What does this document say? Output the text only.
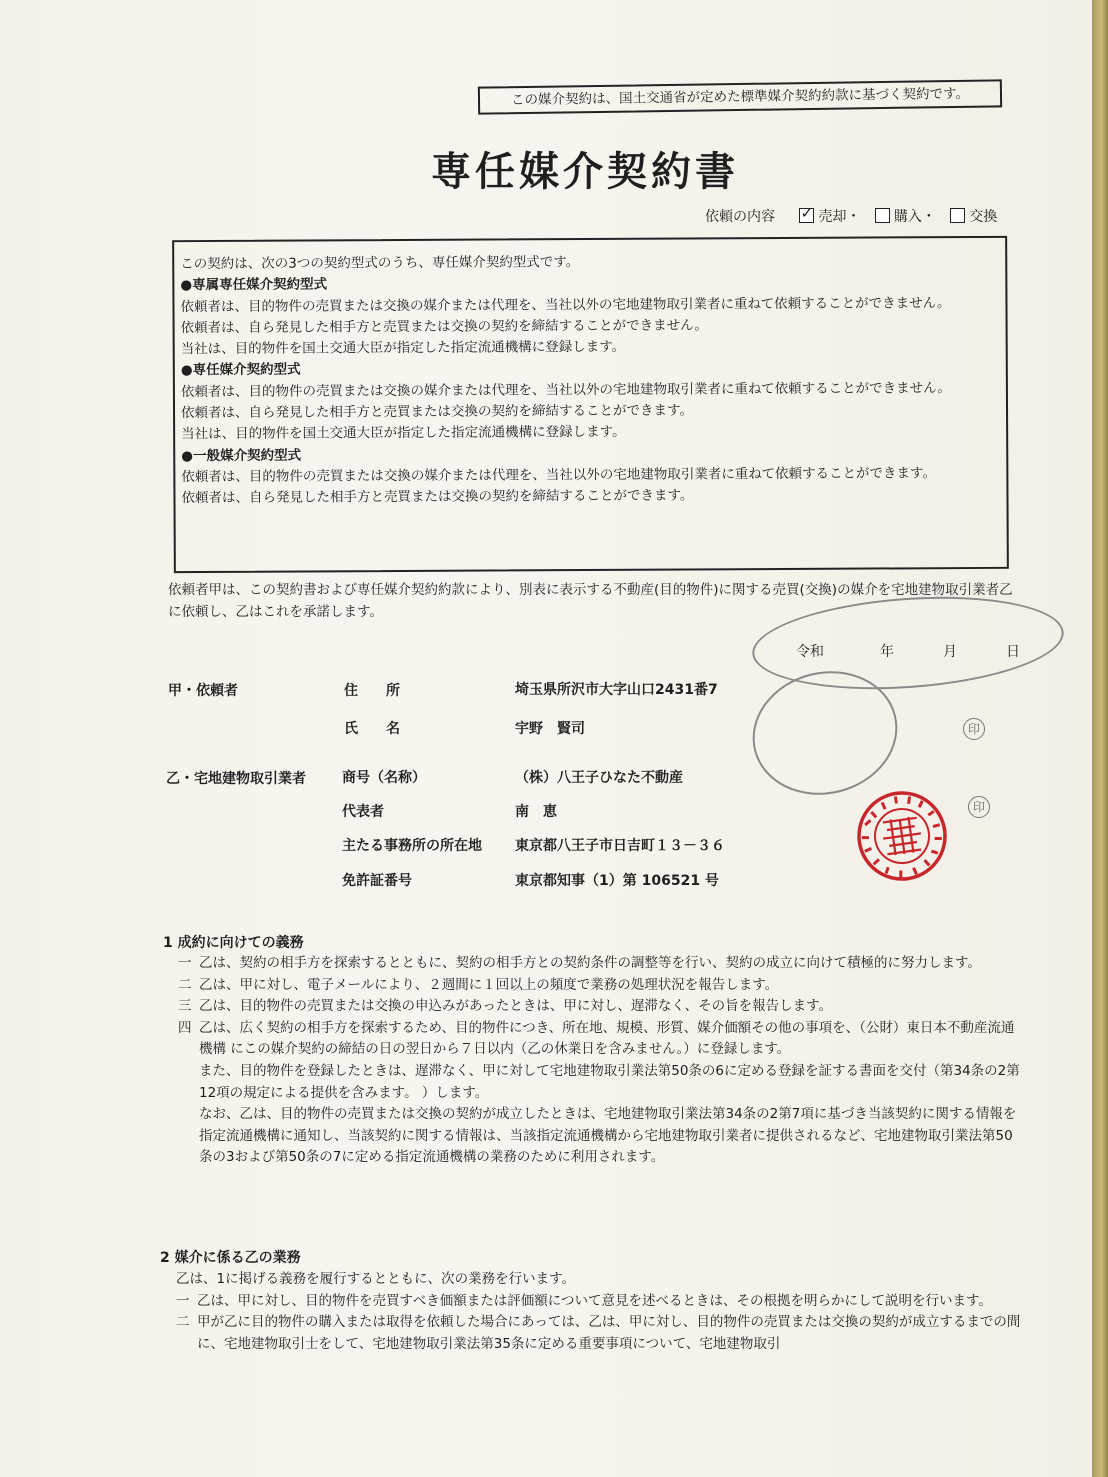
この媒介契約は、国土交通省が定めた標準媒介契約約款に基づく契約です。
専任媒介契約書
依頼の内容 ✓	売却・ 購入・ 交換

この契約は、次の3つの契約型式のうち、専任媒介契約型式です。

●専属専任媒介契約型式

依頼者は、目的物件の売買または交換の媒介または代理を、当社以外の宅地建物取引業者に重ねて依頼することができません。

依頼者は、自ら発見した相手方と売買または交換の契約を締結することができません。

当社は、目的物件を国土交通大臣が指定した指定流通機構に登録します。

●専任媒介契約型式

依頼者は、目的物件の売買または交換の媒介または代理を、当社以外の宅地建物取引業者に重ねて依頼することができません。

依頼者は、自ら発見した相手方と売買または交換の契約を締結することができます。

当社は、目的物件を国土交通大臣が指定した指定流通機構に登録します。

●一般媒介契約型式

依頼者は、目的物件の売買または交換の媒介または代理を、当社以外の宅地建物取引業者に重ねて依頼することができます。

依頼者は、自ら発見した相手方と売買または交換の契約を締結することができます。

依頼者甲は、この契約書および専任媒介契約約款により、別表に表示する不動産(目的物件)に関する売買(交換)の媒介を宅地建物取引業者乙に依頼し、乙はこれを承諾します。
令和	年	月	日
甲・依頼者	住　　所	埼玉県所沢市大字山口2431番7
氏　　名	宇野　賢司	印
乙・宅地建物取引業者	商号（名称）	（株）八王子ひなた不動産
代表者	南　恵
主たる事務所の所在地 東京都八王子市日吉町１３－３６
免許証番号	東京都知事（1）第 106521 号
印
1 成約に向けての義務
一 乙は、契約の相手方を探索するとともに、契約の相手方との契約条件の調整等を行い、契約の成立に向けて積極的に努力します。
二 乙は、甲に対し、電子メールにより、２週間に１回以上の頻度で業務の処理状況を報告します。
三 乙は、目的物件の売買または交換の申込みがあったときは、甲に対し、遅滞なく、その旨を報告します。
四 乙は、広く契約の相手方を探索するため、目的物件につき、所在地、規模、形質、媒介価額その他の事項を、（公財）東日本不動産流通機構 にこの媒介契約の締結の日の翌日から７日以内（乙の休業日を含みません。）に登録します。

また、目的物件を登録したときは、遅滞なく、甲に対して宅地建物取引業法第50条の6に定める登録を証する書面を交付（第34条の2第12項の規定による提供を含みます。 ）します。

なお、乙は、目的物件の売買または交換の契約が成立したときは、宅地建物取引業法第34条の2第7項に基づき当該契約に関する情報を指定流通機構に通知し、当該契約に関する情報は、当該指定流通機構から宅地建物取引業者に提供されるなど、宅地建物取引業法第50条の3および第50条の7に定める指定流通機構の業務のために利用されます。

2 媒介に係る乙の業務

乙は、1に掲げる義務を履行するとともに、次の業務を行います。

一 乙は、甲に対し、目的物件を売買すべき価額または評価額について意見を述べるときは、その根拠を明らかにして説明を行います。
二 甲が乙に目的物件の購入または取得を依頼した場合にあっては、乙は、甲に対し、目的物件の売買または交換の契約が成立するまでの間に、宅地建物取引士をして、宅地建物取引業法第35条に定める重要事項について、宅地建物取引
